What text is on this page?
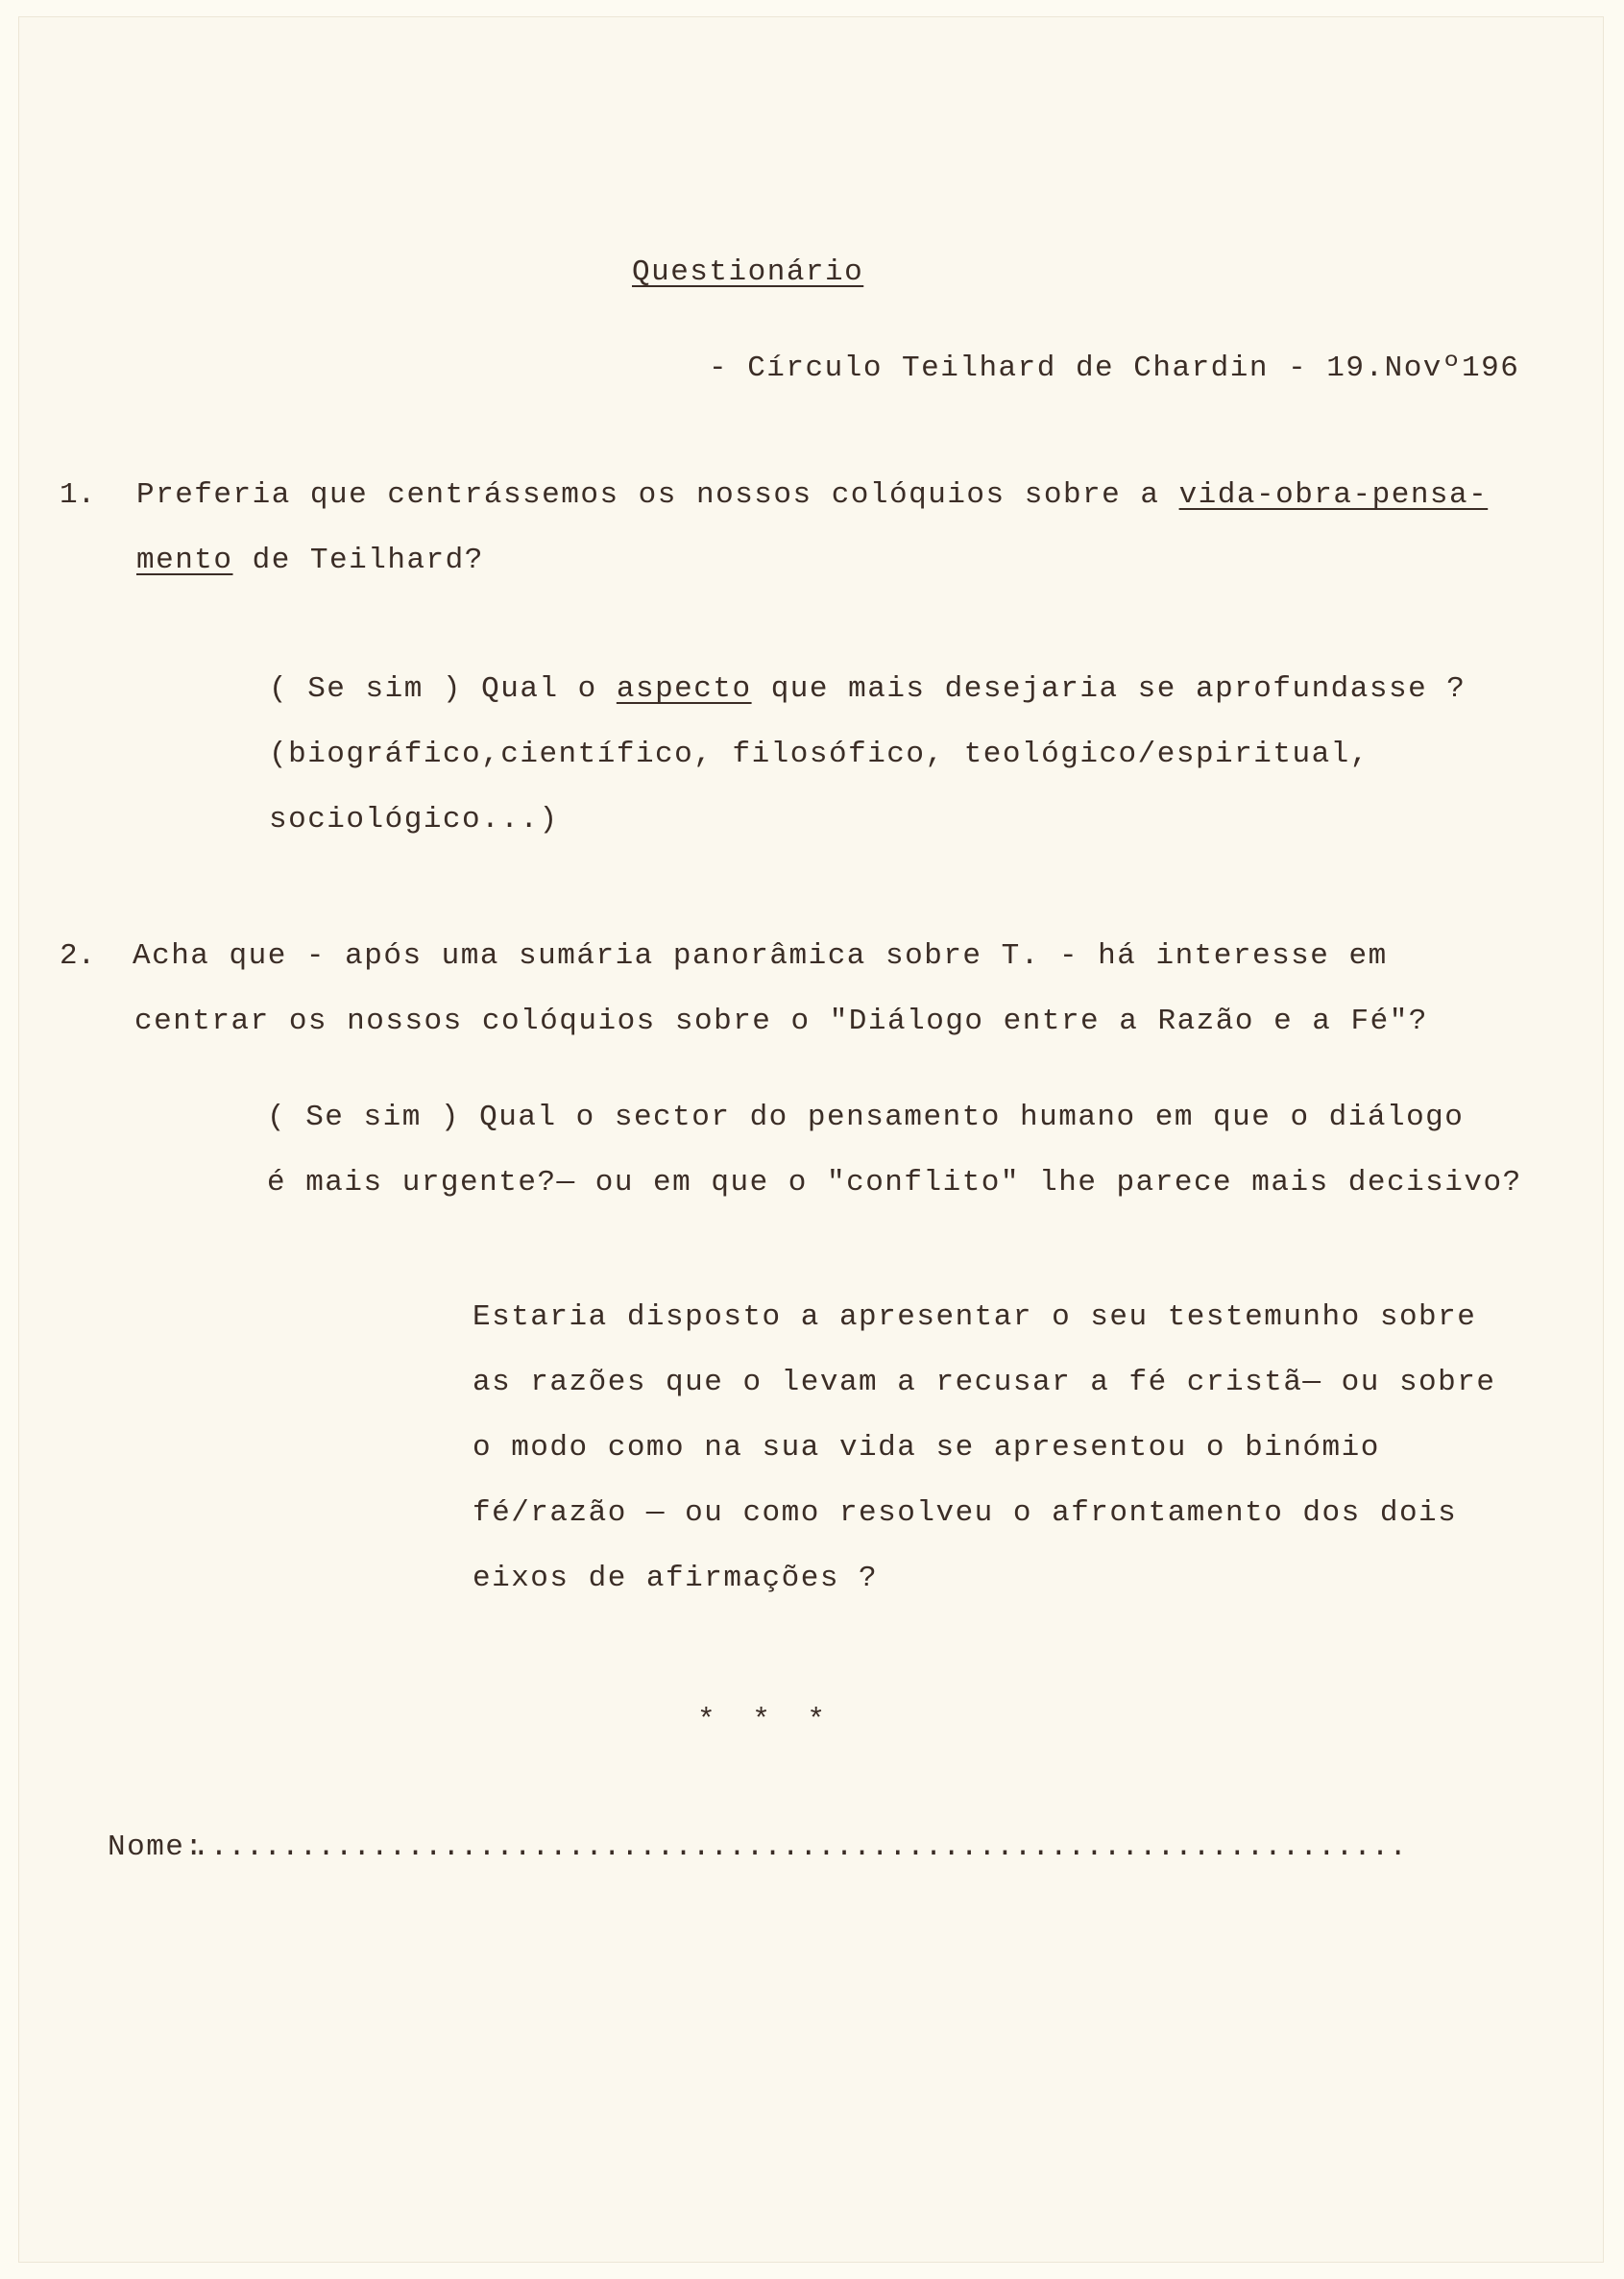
Questionário
- Círculo Teilhard de Chardin - 19.Novº196
1. Preferia que centrássemos os nossos colóquios sobre a vida-obra-pensa-
mento de Teilhard?
( Se sim ) Qual o aspecto que mais desejaria se aprofundasse ?
(biográfico,científico, filosófico, teológico/espiritual,
sociológico...)
2. Acha que - após uma sumária panorâmica sobre T. - há interesse em
centrar os nossos colóquios sobre o "Diálogo entre a Razão e a Fé"?
( Se sim ) Qual o sector do pensamento humano em que o diálogo
é mais urgente?— ou em que o "conflito" lhe parece mais decisivo?
Estaria disposto a apresentar o seu testemunho sobre
as razões que o levam a recusar a fé cristã— ou sobre
o modo como na sua vida se apresentou o binómio
fé/razão — ou como resolveu o afrontamento dos dois
eixos de afirmações ?
* * *
Nome:
....................................................................
